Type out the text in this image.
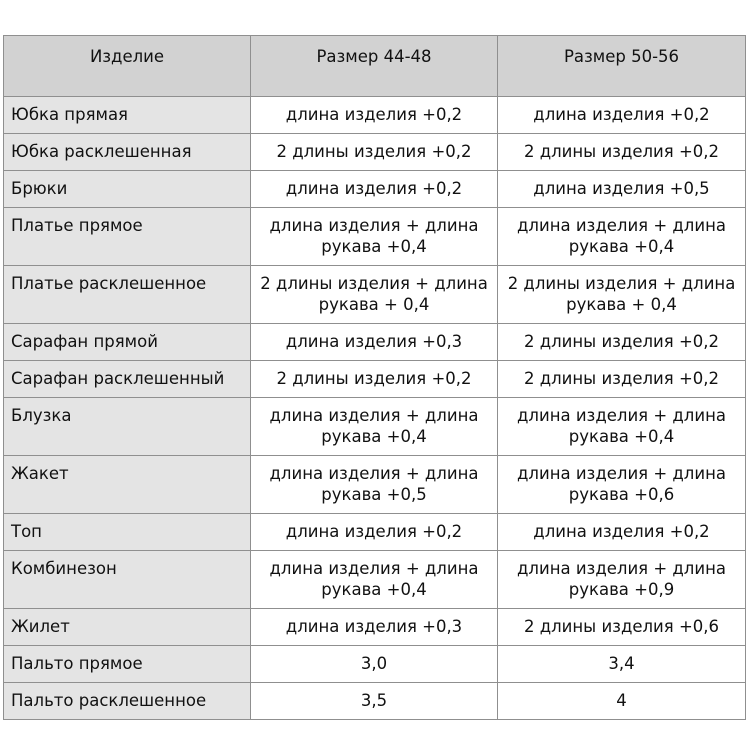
Изделие	Размер 44-48	Размер 50-56
Юбка прямая	длина изделия +0,2	длина изделия +0,2
Юбка расклешенная	2 длины изделия +0,2	2 длины изделия +0,2
Брюки	длина изделия +0,2	длина изделия +0,5
Платье прямое	длина изделия + длина рукава +0,4	длина изделия + длина рукава +0,4
Платье расклешенное	2 длины изделия + длина рукава + 0,4	2 длины изделия + длина рукава + 0,4
Сарафан прямой	длина изделия +0,3	2 длины изделия +0,2
Сарафан расклешенный	2 длины изделия +0,2	2 длины изделия +0,2
Блузка	длина изделия + длина рукава +0,4	длина изделия + длина рукава +0,4
Жакет	длина изделия + длина рукава +0,5	длина изделия + длина рукава +0,6
Топ	длина изделия +0,2	длина изделия +0,2
Комбинезон	длина изделия + длина рукава +0,4	длина изделия + длина рукава +0,9
Жилет	длина изделия +0,3	2 длины изделия +0,6
Пальто прямое	3,0	3,4
Пальто расклешенное	3,5	4
